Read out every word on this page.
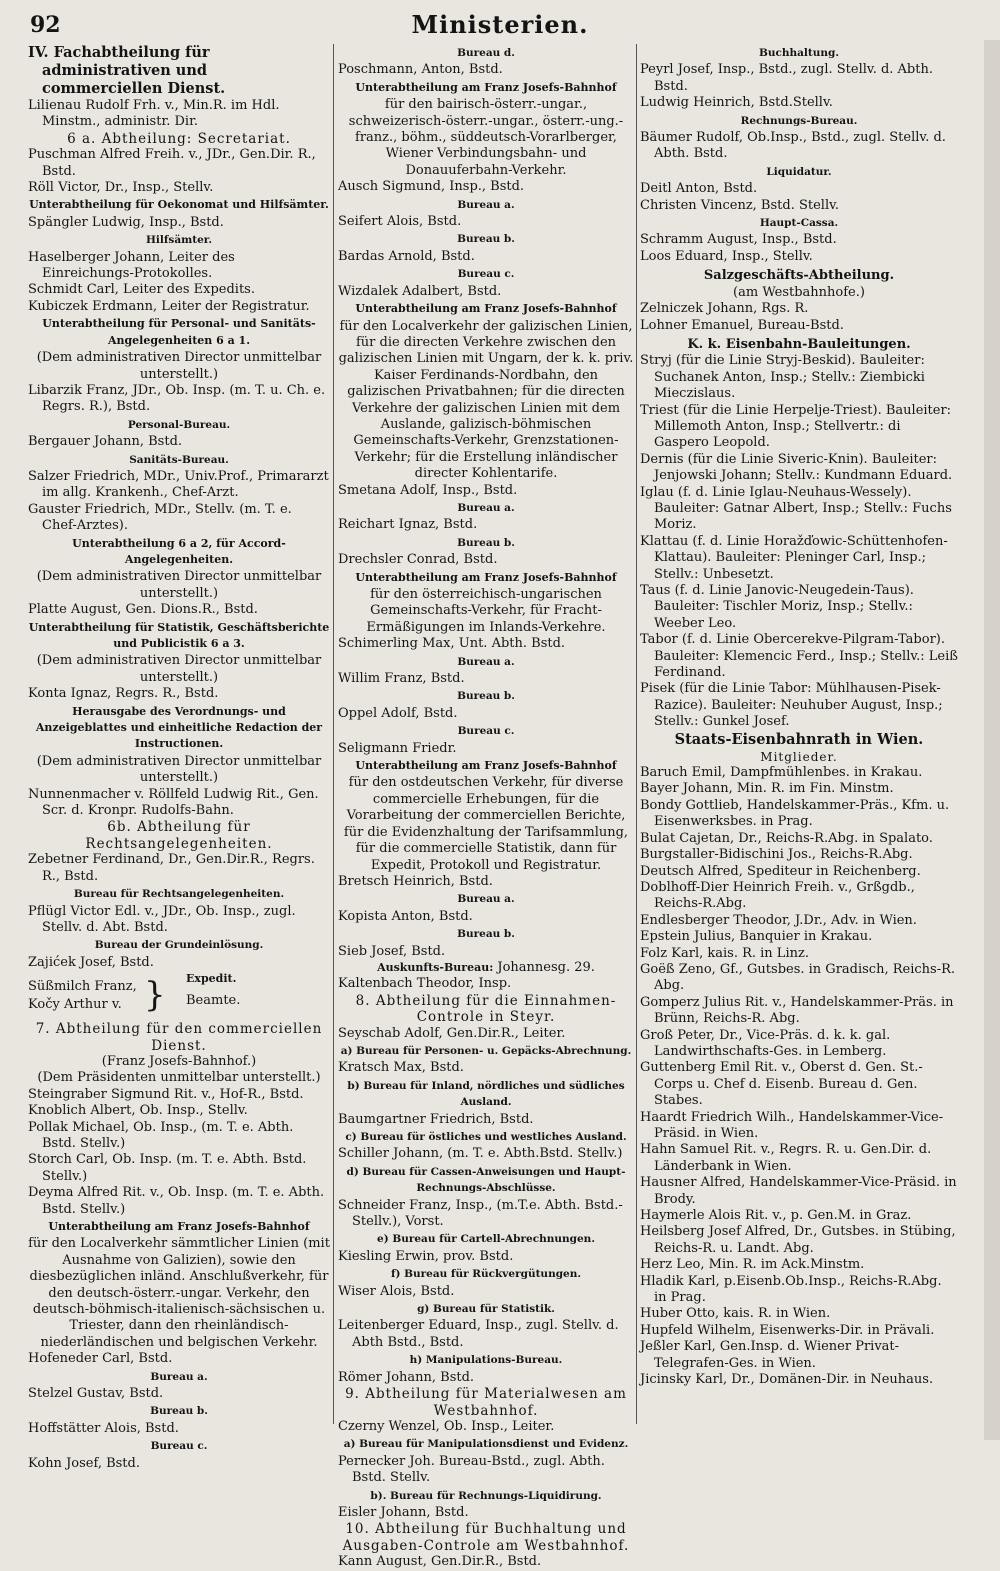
92	Ministerien.

IV. Fachabtheilung für administrativen und commerciellen Dienst.

Lilienau Rudolf Frh. v., Min.R. im Hdl. Minstm., administr. Dir.

6 a. Abtheilung: Secretariat.

Puschman Alfred Freih. v., JDr., Gen.Dir. R., Bstd.

Röll Victor, Dr., Insp., Stellv.

Unterabtheilung für Oekonomat und Hilfsämter.

Spängler Ludwig, Insp., Bstd.

Hilfsämter.

Haselberger Johann, Leiter des Einreichungs-Protokolles.

Schmidt Carl, Leiter des Expedits.

Kubiczek Erdmann, Leiter der Registratur.

Unterabtheilung für Personal- und Sanitäts-Angelegenheiten 6 a 1.

(Dem administrativen Director unmittelbar unterstellt.)

Libarzik Franz, JDr., Ob. Insp. (m. T. u. Ch. e. Regrs. R.), Bstd.

Personal-Bureau.

Bergauer Johann, Bstd.

Sanitäts-Bureau.

Salzer Friedrich, MDr., Univ.Prof., Primararzt im allg. Krankenh., Chef-Arzt.

Gauster Friedrich, MDr., Stellv. (m. T. e. Chef-Arztes).

Unterabtheilung 6 a 2, für Accord-Angelegenheiten.

(Dem administrativen Director unmittelbar unterstellt.)

Platte August, Gen. Dions.R., Bstd.

Unterabtheilung für Statistik, Geschäftsberichte und Publicistik 6 a 3.

(Dem administrativen Director unmittelbar unterstellt.)

Konta Ignaz, Regrs. R., Bstd.

Herausgabe des Verordnungs- und Anzeigeblattes und einheitliche Redaction der Instructionen.

(Dem administrativen Director unmittelbar unterstellt.)

Nunnenmacher v. Röllfeld Ludwig Rit., Gen. Scr. d. Kronpr. Rudolfs-Bahn.

6b. Abtheilung für Rechtsangelegenheiten.

Zebetner Ferdinand, Dr., Gen.Dir.R., Regrs. R., Bstd.

Bureau für Rechtsangelegenheiten.

Pflügl Victor Edl. v., JDr., Ob. Insp., zugl. Stellv. d. Abt. Bstd.

Bureau der Grundeinlösung.

Zajićek Josef, Bstd.

Expedit.
Süßmilch Franz,
Kočy Arthur v. } Beamte.

7. Abtheilung für den commerciellen Dienst.

(Franz Josefs-Bahnhof.)

(Dem Präsidenten unmittelbar unterstellt.)

Steingraber Sigmund Rit. v., Hof-R., Bstd.

Knoblich Albert, Ob. Insp., Stellv.

Pollak Michael, Ob. Insp., (m. T. e. Abth. Bstd. Stellv.)

Storch Carl, Ob. Insp. (m. T. e. Abth. Bstd. Stellv.)

Deyma Alfred Rit. v., Ob. Insp. (m. T. e. Abth. Bstd. Stellv.)

Unterabtheilung am Franz Josefs-Bahnhof

für den Localverkehr sämmtlicher Linien (mit Ausnahme von Galizien), sowie den diesbezüglichen inländ. Anschlußverkehr, für den deutsch-österr.-ungar. Verkehr, den deutsch-böhmisch-italienisch-sächsischen u. Triester, dann den rheinländisch-niederländischen und belgischen Verkehr.

Hofeneder Carl, Bstd.

Bureau a.

Stelzel Gustav, Bstd.

Bureau b.

Hoffstätter Alois, Bstd.

Bureau c.

Kohn Josef, Bstd.

Bureau d.

Poschmann, Anton, Bstd.

Unterabtheilung am Franz Josefs-Bahnhof

für den bairisch-österr.-ungar., schweizerisch-österr.-ungar., österr.-ung.-franz., böhm., süddeutsch-Vorarlberger, Wiener Verbindungsbahn- und Donauuferbahn-Verkehr.

Ausch Sigmund, Insp., Bstd.

Bureau a.

Seifert Alois, Bstd.

Bureau b.

Bardas Arnold, Bstd.

Bureau c.

Wizdalek Adalbert, Bstd.

Unterabtheilung am Franz Josefs-Bahnhof

für den Localverkehr der galizischen Linien, für die directen Verkehre zwischen den galizischen Linien mit Ungarn, der k. k. priv. Kaiser Ferdinands-Nordbahn, den galizischen Privatbahnen; für die directen Verkehre der galizischen Linien mit dem Auslande, galizisch-böhmischen Gemeinschafts-Verkehr, Grenzstationen-Verkehr; für die Erstellung inländischer directer Kohlentarife.

Smetana Adolf, Insp., Bstd.

Bureau a.

Reichart Ignaz, Bstd.

Bureau b.

Drechsler Conrad, Bstd.

Unterabtheilung am Franz Josefs-Bahnhof

für den österreichisch-ungarischen Gemeinschafts-Verkehr, für Fracht-Ermäßigungen im Inlands-Verkehre.

Schimerling Max, Unt. Abth. Bstd.

Bureau a.

Willim Franz, Bstd.

Bureau b.

Oppel Adolf, Bstd.

Bureau c.

Seligmann Friedr.

Unterabtheilung am Franz Josefs-Bahnhof

für den ostdeutschen Verkehr, für diverse commercielle Erhebungen, für die Vorarbeitung der commerciellen Berichte, für die Evidenzhaltung der Tarifsammlung, für die commercielle Statistik, dann für Expedit, Protokoll und Registratur.

Bretsch Heinrich, Bstd.

Bureau a.

Kopista Anton, Bstd.

Bureau b.

Sieb Josef, Bstd.

Auskunfts-Bureau: Johannesg. 29.

Kaltenbach Theodor, Insp.

8. Abtheilung für die Einnahmen-Controle in Steyr.

Seyschab Adolf, Gen.Dir.R., Leiter.

a) Bureau für Personen- u. Gepäcks-Abrechnung.

Kratsch Max, Bstd.

b) Bureau für Inland, nördliches und südliches Ausland.

Baumgartner Friedrich, Bstd.

c) Bureau für östliches und westliches Ausland.

Schiller Johann, (m. T. e. Abth.Bstd. Stellv.)

d) Bureau für Cassen-Anweisungen und Haupt-Rechnungs-Abschlüsse.

Schneider Franz, Insp., (m.T.e. Abth. Bstd.-Stellv.), Vorst.

e) Bureau für Cartell-Abrechnungen.

Kiesling Erwin, prov. Bstd.

f) Bureau für Rückvergütungen.

Wiser Alois, Bstd.

g) Bureau für Statistik.

Leitenberger Eduard, Insp., zugl. Stellv. d. Abth Bstd., Bstd.

h) Manipulations-Bureau.

Römer Johann, Bstd.

9. Abtheilung für Materialwesen am Westbahnhof.

Czerny Wenzel, Ob. Insp., Leiter.

a) Bureau für Manipulationsdienst und Evidenz.

Pernecker Joh. Bureau-Bstd., zugl. Abth. Bstd. Stellv.

b). Bureau für Rechnungs-Liquidirung.

Eisler Johann, Bstd.

10. Abtheilung für Buchhaltung und Ausgaben-Controle am Westbahnhof.

Kann August, Gen.Dir.R., Bstd.

Buchhaltung.

Peyrl Josef, Insp., Bstd., zugl. Stellv. d. Abth. Bstd.

Ludwig Heinrich, Bstd.Stellv.

Rechnungs-Bureau.

Bäumer Rudolf, Ob.Insp., Bstd., zugl. Stellv. d. Abth. Bstd.

Liquidatur.

Deitl Anton, Bstd.

Christen Vincenz, Bstd. Stellv.

Haupt-Cassa.

Schramm August, Insp., Bstd.

Loos Eduard, Insp., Stellv.

Salzgeschäfts-Abtheilung.

(am Westbahnhofe.)

Zelniczek Johann, Rgs. R.

Lohner Emanuel, Bureau-Bstd.

K. k. Eisenbahn-Bauleitungen.

Stryj (für die Linie Stryj-Beskid). Bauleiter: Suchanek Anton, Insp.; Stellv.: Ziembicki Mieczislaus.

Triest (für die Linie Herpelje-Triest). Bauleiter: Millemoth Anton, Insp.; Stellvertr.: di Gaspero Leopold.

Dernis (für die Linie Siveric-Knin). Bauleiter: Jenjowski Johann; Stellv.: Kundmann Eduard.

Iglau (f. d. Linie Iglau-Neuhaus-Wessely). Bauleiter: Gatnar Albert, Insp.; Stellv.: Fuchs Moriz.

Klattau (f. d. Linie Horažďowic-Schüttenhofen-Klattau). Bauleiter: Pleninger Carl, Insp.; Stellv.: Unbesetzt.

Taus (f. d. Linie Janovic-Neugedein-Taus). Bauleiter: Tischler Moriz, Insp.; Stellv.: Weeber Leo.

Tabor (f. d. Linie Obercerekve-Pilgram-Tabor). Bauleiter: Klemencic Ferd., Insp.; Stellv.: Leiß Ferdinand.

Pisek (für die Linie Tabor: Mühlhausen-Pisek-Razice). Bauleiter: Neuhuber August, Insp.; Stellv.: Gunkel Josef.

Staats-Eisenbahnrath in Wien.

Mitglieder.

Baruch Emil, Dampfmühlenbes. in Krakau.

Bayer Johann, Min. R. im Fin. Minstm.

Bondy Gottlieb, Handelskammer-Präs., Kfm. u. Eisenwerksbes. in Prag.

Bulat Cajetan, Dr., Reichs-R.Abg. in Spalato.

Burgstaller-Bidischini Jos., Reichs-R.Abg.

Deutsch Alfred, Spediteur in Reichenberg.

Doblhoff-Dier Heinrich Freih. v., Grßgdb., Reichs-R.Abg.

Endlesberger Theodor, J.Dr., Adv. in Wien.

Epstein Julius, Banquier in Krakau.

Folz Karl, kais. R. in Linz.

Goëß Zeno, Gf., Gutsbes. in Gradisch, Reichs-R. Abg.

Gomperz Julius Rit. v., Handelskammer-Präs. in Brünn, Reichs-R. Abg.

Groß Peter, Dr., Vice-Präs. d. k. k. gal. Landwirthschafts-Ges. in Lemberg.

Guttenberg Emil Rit. v., Oberst d. Gen. St.-Corps u. Chef d. Eisenb. Bureau d. Gen. Stabes.

Haardt Friedrich Wilh., Handelskammer-Vice-Präsid. in Wien.

Hahn Samuel Rit. v., Regrs. R. u. Gen.Dir. d. Länderbank in Wien.

Hausner Alfred, Handelskammer-Vice-Präsid. in Brody.

Haymerle Alois Rit. v., p. Gen.M. in Graz.

Heilsberg Josef Alfred, Dr., Gutsbes. in Stübing, Reichs-R. u. Landt. Abg.

Herz Leo, Min. R. im Ack.Minstm.

Hladik Karl, p.Eisenb.Ob.Insp., Reichs-R.Abg. in Prag.

Huber Otto, kais. R. in Wien.

Hupfeld Wilhelm, Eisenwerks-Dir. in Prävali.

Jeßler Karl, Gen.Insp. d. Wiener Privat-Telegrafen-Ges. in Wien.

Jicinsky Karl, Dr., Domänen-Dir. in Neuhaus.
